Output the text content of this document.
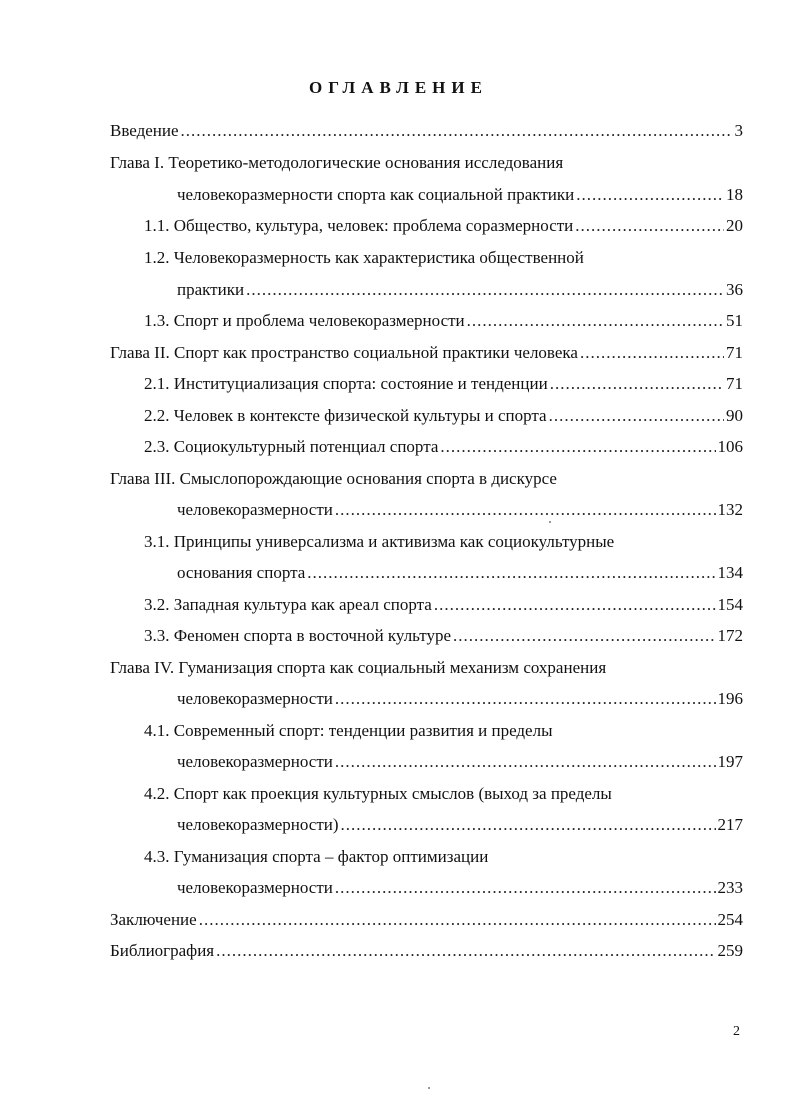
ОГЛАВЛЕНИЕ
Введение .....	3
Глава I. Теоретико-методологические основания исследования
человекоразмерности спорта как социальной практики .....	18
1.1. Общество, культура, человек: проблема соразмерности .....	20
1.2. Человекоразмерность как характеристика общественной
практики .....	36
1.3. Спорт и проблема человекоразмерности .....	51
Глава II. Спорт как пространство социальной практики человека .....	71
2.1. Институциализация спорта: состояние и тенденции .....	71
2.2. Человек в контексте физической культуры и спорта .....	90
2.3. Социокультурный потенциал спорта .....	106
Глава III. Смыслопорождающие основания спорта в дискурсе
человекоразмерности .....	132
3.1. Принципы универсализма и активизма как социокультурные
основания спорта .....	134
3.2. Западная культура как ареал спорта .....	154
3.3. Феномен спорта в восточной культуре .....	172
Глава IV. Гуманизация спорта как социальный механизм сохранения
человекоразмерности .....	196
4.1. Современный спорт: тенденции развития и пределы
человекоразмерности .....	197
4.2. Спорт как проекция культурных смыслов (выход за пределы
человекоразмерности) .....	217
4.3. Гуманизация спорта – фактор оптимизации
человекоразмерности .....	233
Заключение .....	254
Библиография .....	259
2
